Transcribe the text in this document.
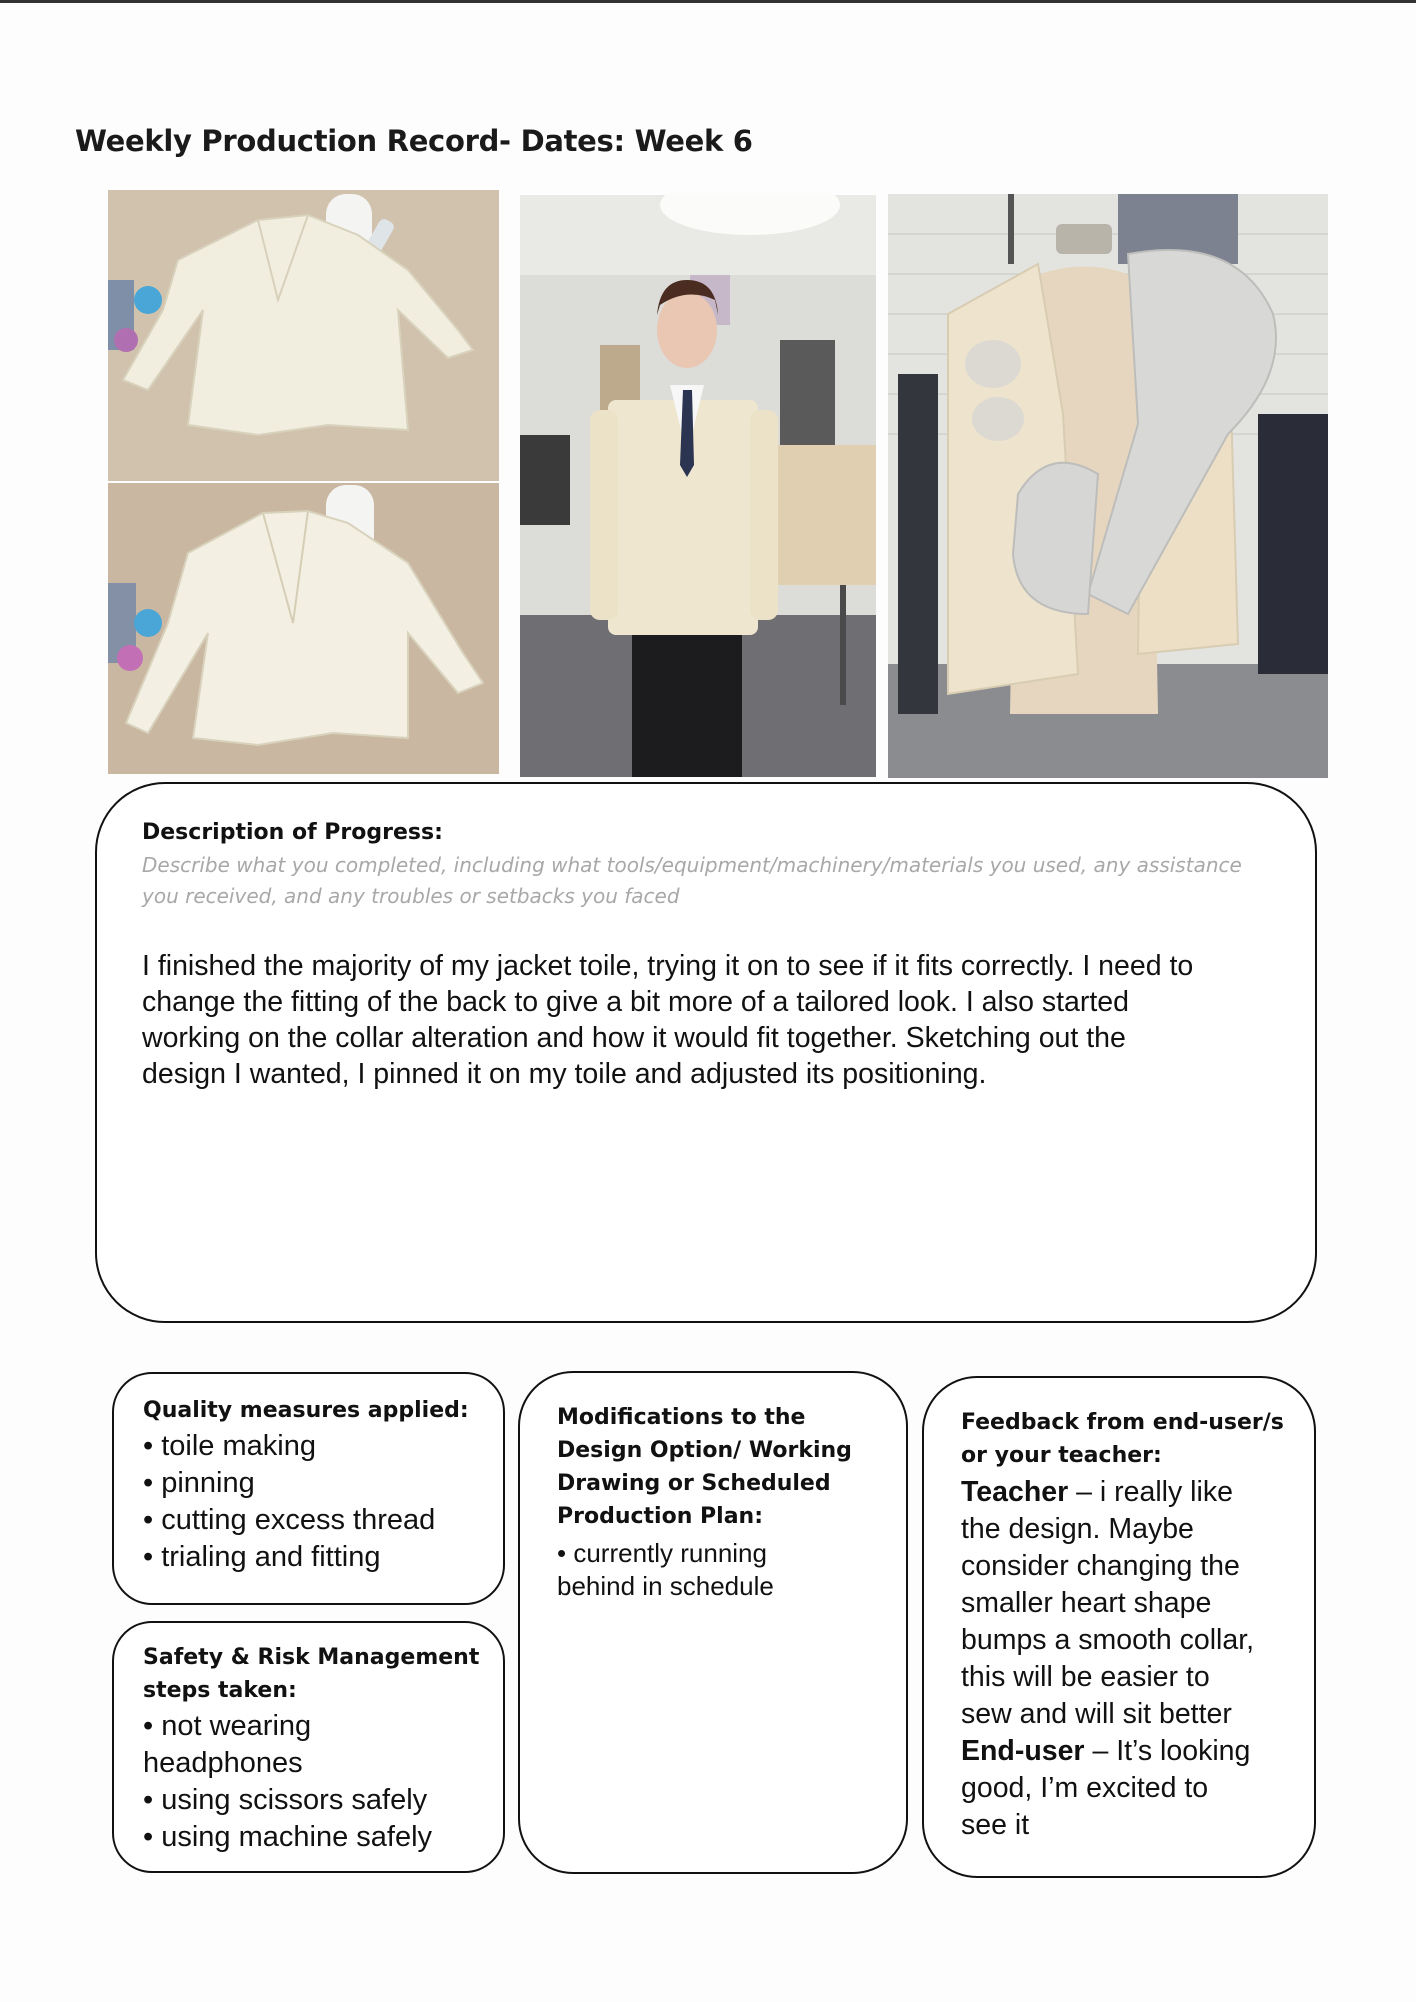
Weekly Production Record- Dates: Week 6
Description of Progress:
Describe what you completed, including what tools/equipment/machinery/materials you used, any assistance
you received, and any troubles or setbacks you faced
I finished the majority of my jacket toile, trying it on to see if it fits correctly. I need to
change the fitting of the back to give a bit more of a tailored look. I also started
working on the collar alteration and how it would fit together. Sketching out the
design I wanted, I pinned it on my toile and adjusted its positioning.
Quality measures applied:
• toile making
• pinning
• cutting excess thread
• trialing and fitting
Safety & Risk Management
steps taken:
• not wearing
headphones
• using scissors safely
• using machine safely
Modifications to the
Design Option/ Working
Drawing or Scheduled
Production Plan:
• currently running
behind in schedule
Feedback from end-user/s
or your teacher:
Teacher – i really like
the design. Maybe
consider changing the
smaller heart shape
bumps a smooth collar,
this will be easier to
sew and will sit better
End-user – It’s looking
good, I’m excited to
see it
